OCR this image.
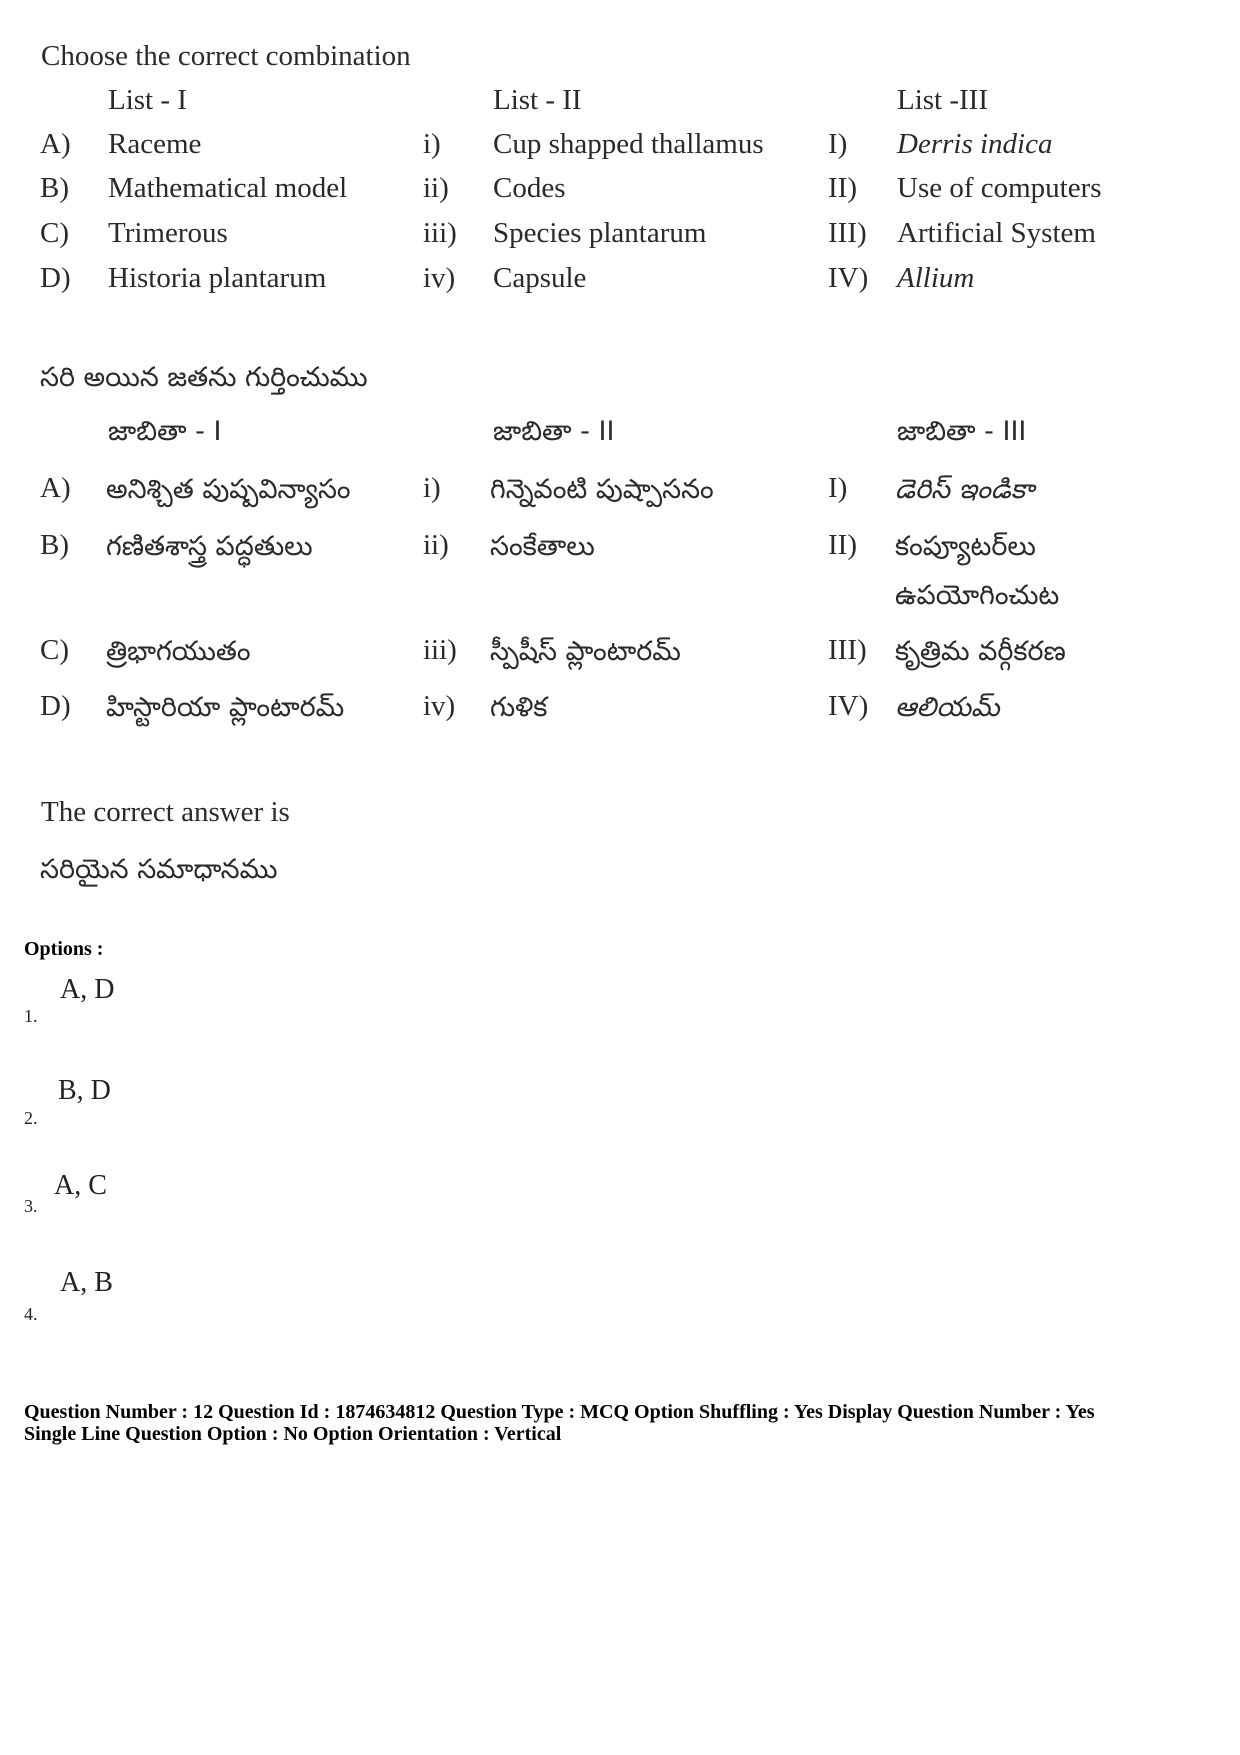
Choose the correct combination
List - I	List - II	List -III
A) Raceme	i) Cup shapped thallamus I) Derris indica
B) Mathematical model	ii) Codes	II) Use of computers
C) Trimerous	iii) Species plantarum	III) Artificial System
D) Historia plantarum	iv) Capsule	IV) Allium
సరి అయిన జతను గుర్తించుము
జాబితా - I	జాబితా - II	జాబితా - III
A) అనిశ్చిత పుష్పవిన్యాసం i) గిన్నెవంటి పుష్పాసనం	I) డెరిస్ ఇండికా
B) గణితశాస్త్ర పద్ధతులు	ii) సంకేతాలు	II) కంప్యూటర్‌లు
ఉపయోగించుట
C) త్రిభాగయుతం	iii) స్పీషీస్ ప్లాంటారమ్	III) కృత్రిమ వర్గీకరణ
D) హిస్టారియా ప్లాంటారమ్	iv) గుళిక	IV) ఆలియమ్
The correct answer is
సరియైన సమాధానము
Options :
A, D
1.
B, D
2.
A, C
3.
A, B
4.
Question Number : 12 Question Id : 1874634812 Question Type : MCQ Option Shuffling : Yes Display Question Number : Yes
Single Line Question Option : No Option Orientation : Vertical
